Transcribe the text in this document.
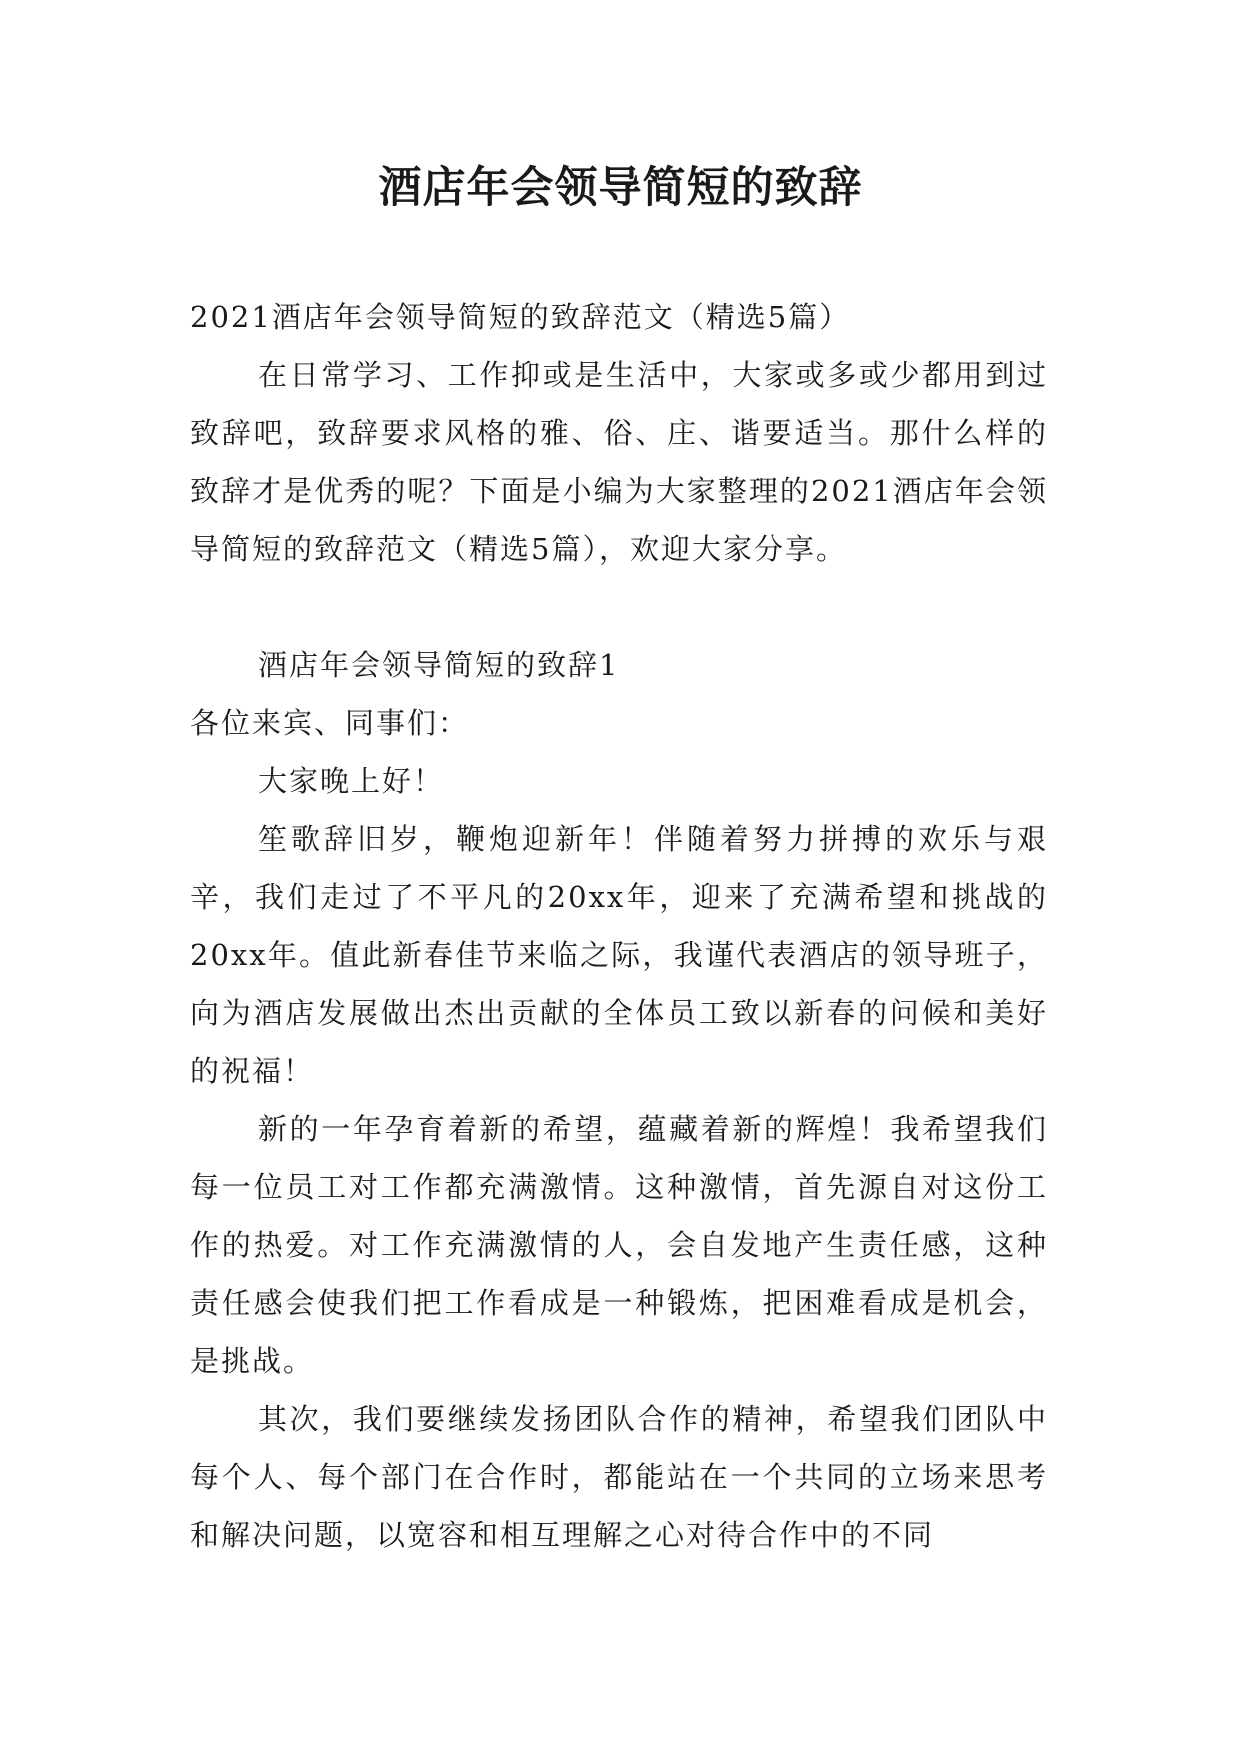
酒店年会领导简短的致辞

2021酒店年会领导简短的致辞范文（精选5篇）

在日常学习、工作抑或是生活中，大家或多或少都用到过致辞吧，致辞要求风格的雅、俗、庄、谐要适当。那什么样的致辞才是优秀的呢？下面是小编为大家整理的2021酒店年会领导简短的致辞范文（精选5篇），欢迎大家分享。

酒店年会领导简短的致辞1

各位来宾、同事们：

大家晚上好！

笙歌辞旧岁，鞭炮迎新年！伴随着努力拼搏的欢乐与艰辛，我们走过了不平凡的20xx年，迎来了充满希望和挑战的20xx年。值此新春佳节来临之际，我谨代表酒店的领导班子，向为酒店发展做出杰出贡献的全体员工致以新春的问候和美好的祝福！

新的一年孕育着新的希望，蕴藏着新的辉煌！我希望我们每一位员工对工作都充满激情。这种激情，首先源自对这份工作的热爱。对工作充满激情的人，会自发地产生责任感，这种责任感会使我们把工作看成是一种锻炼，把困难看成是机会，是挑战。

其次，我们要继续发扬团队合作的精神，希望我们团队中每个人、每个部门在合作时，都能站在一个共同的立场来思考和解决问题，以宽容和相互理解之心对待合作中的不同
